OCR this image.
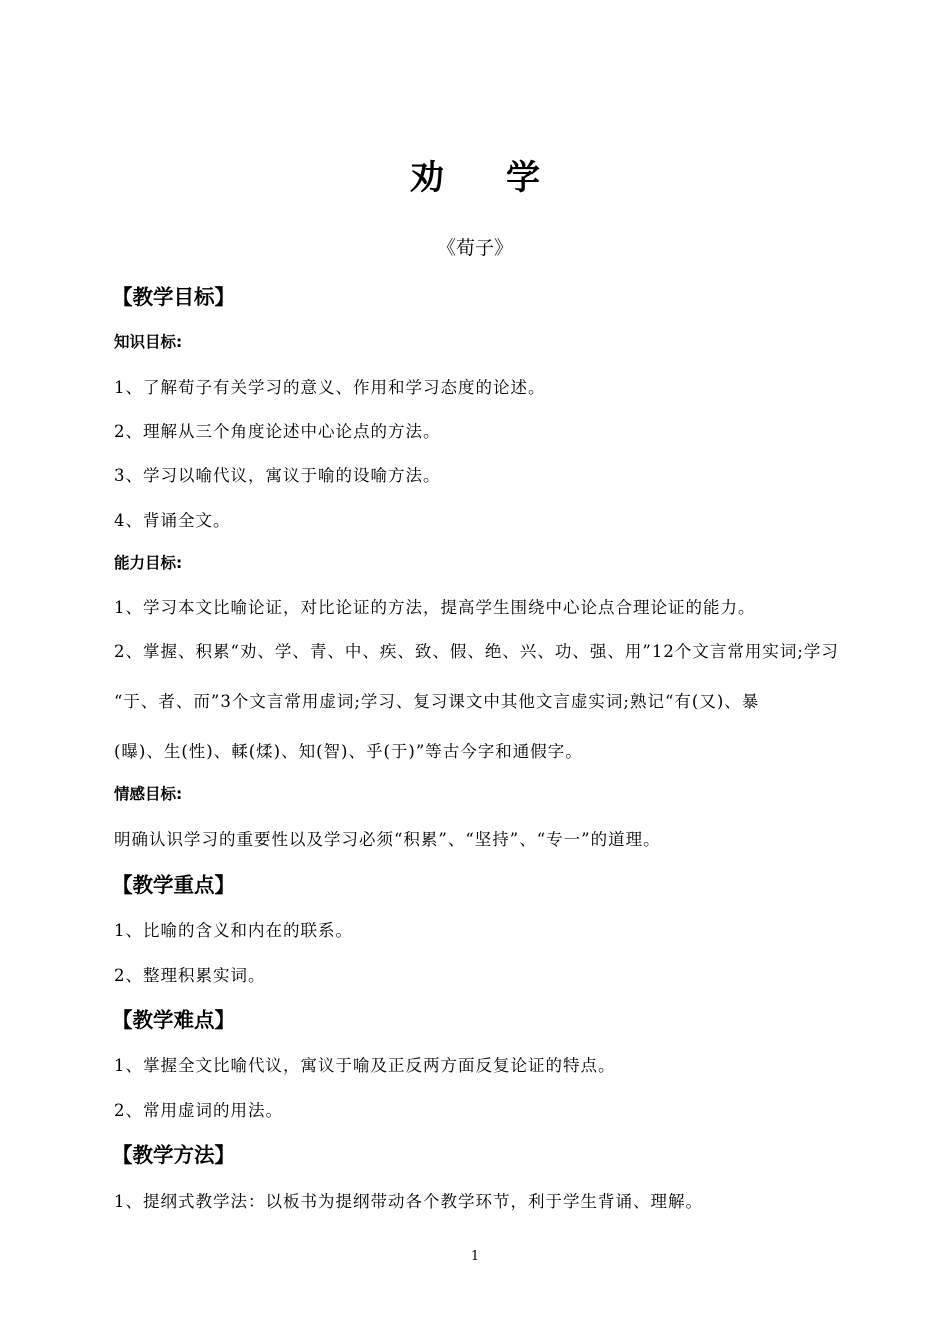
劝学
《荀子》
【教学目标】
知识目标:
1、了解荀子有关学习的意义、作用和学习态度的论述。
2、理解从三个角度论述中心论点的方法。
3、学习以喻代议，寓议于喻的设喻方法。
4、背诵全文。
能力目标:
1、学习本文比喻论证，对比论证的方法，提高学生围绕中心论点合理论证的能力。
2、掌握、积累“劝、学、青、中、疾、致、假、绝、兴、功、强、用”12个文言常用实词;学习
“于、者、而”3个文言常用虚词;学习、复习课文中其他文言虚实词;熟记“有(又)、暴
(曝)、生(性)、輮(煣)、知(智)、乎(于)”等古今字和通假字。
情感目标:
明确认识学习的重要性以及学习必须“积累”、“坚持”、“专一”的道理。
【教学重点】
1、比喻的含义和内在的联系。
2、整理积累实词。
【教学难点】
1、掌握全文比喻代议，寓议于喻及正反两方面反复论证的特点。
2、常用虚词的用法。
【教学方法】
1、提纲式教学法：以板书为提纲带动各个教学环节，利于学生背诵、理解。
1
